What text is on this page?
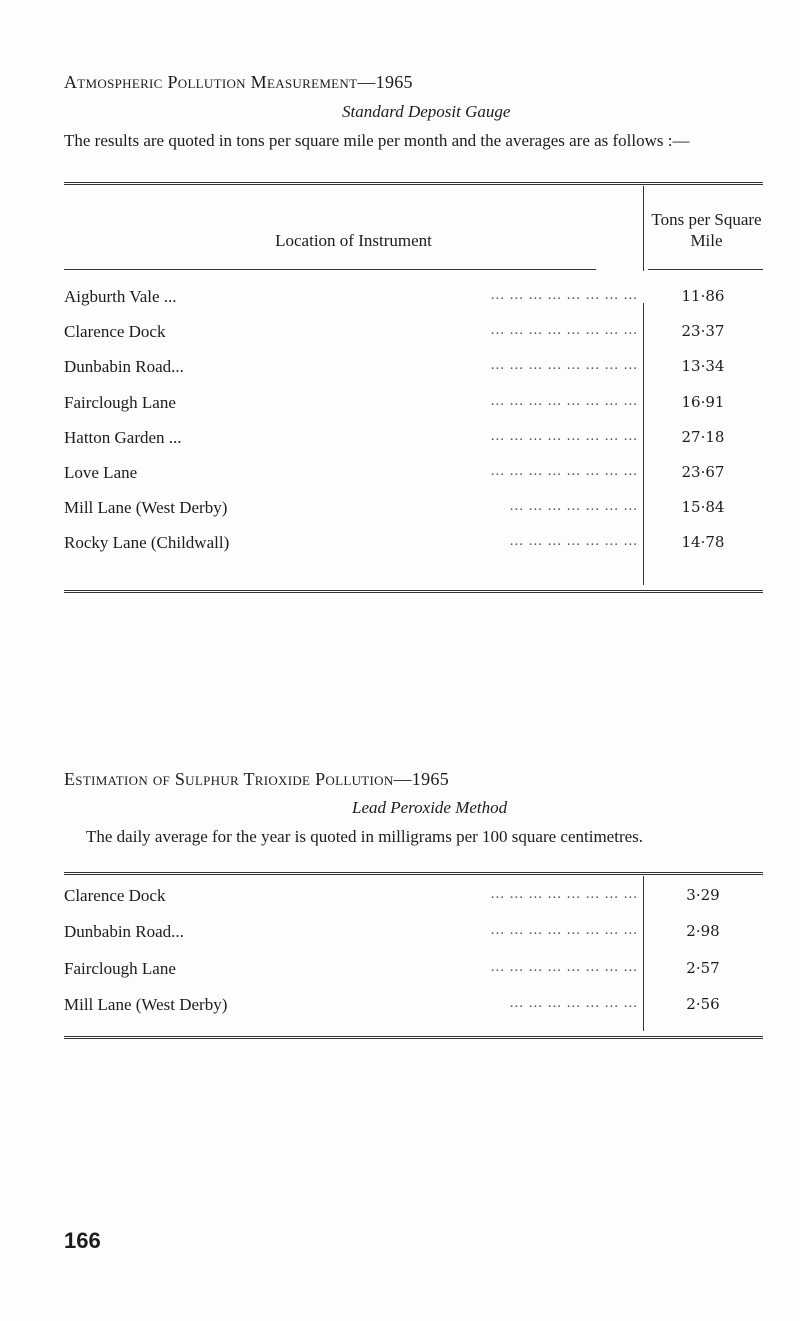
Atmospheric Pollution Measurement—1965
Standard Deposit Gauge
The results are quoted in tons per square mile per month and the averages are as follows :—
Location of Instrument
Tons per Square Mile
Aigburth Vale ...	11·86
... ... ... ... ... ... ... ...
Clarence Dock	23·37
... ... ... ... ... ... ... ...
Dunbabin Road...	13·34
... ... ... ... ... ... ... ...
Fairclough Lane	16·91
... ... ... ... ... ... ... ...
Hatton Garden ...	27·18
... ... ... ... ... ... ... ...
Love Lane	23·67
... ... ... ... ... ... ... ...
Mill Lane (West Derby)	15·84
... ... ... ... ... ... ...
Rocky Lane (Childwall)	14·78
... ... ... ... ... ... ...
Estimation of Sulphur Trioxide Pollution—1965
Lead Peroxide Method
The daily average for the year is quoted in milligrams per 100 square centimetres.
Clarence Dock	3·29
... ... ... ... ... ... ... ...
Dunbabin Road...	2·98
... ... ... ... ... ... ... ...
Fairclough Lane	2·57
... ... ... ... ... ... ... ...
Mill Lane (West Derby)	2·56
... ... ... ... ... ... ...
166
